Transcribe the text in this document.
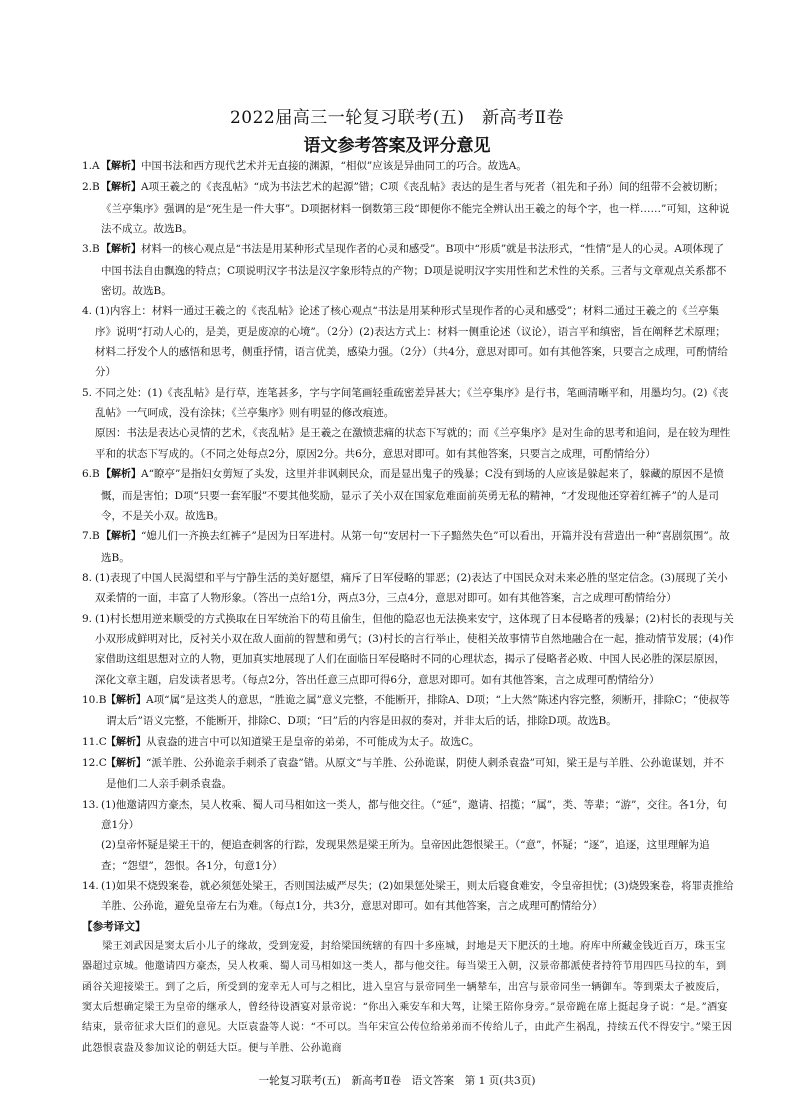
2022届高三一轮复习联考(五)　新高考Ⅱ卷
语文参考答案及评分意见
1.A 【解析】中国书法和西方现代艺术并无直接的渊源，“相似”应该是异曲同工的巧合。故选A。

2.B 【解析】A项王羲之的《丧乱帖》“成为书法艺术的起源”错；C项《丧乱帖》表达的是生者与死者（祖先和子孙）间的纽带不会被切断；《兰亭集序》强调的是“死生是一件大事”。D项据材料一倒数第三段“即便你不能完全辨认出王羲之的每个字，也一样……”可知，这种说法不成立。故选B。

3.B 【解析】材料一的核心观点是“书法是用某种形式呈现作者的心灵和感受”。B项中“形质”就是书法形式，“性情”是人的心灵。A项体现了中国书法自由飘逸的特点；C项说明汉字书法是汉字象形特点的产物；D项是说明汉字实用性和艺术性的关系。三者与文章观点关系都不密切。故选B。

4. (1)内容上：材料一通过王羲之的《丧乱帖》论述了核心观点“书法是用某种形式呈现作者的心灵和感受”；材料二通过王羲之的《兰亭集序》说明“打动人心的，是美，更是废凉的心境”。（2分）(2)表达方式上：材料一侧重论述（议论），语言平和缜密，旨在阐释艺术原理；材料二抒发个人的感悟和思考，侧重抒情，语言优美，感染力强。（2分）（共4分，意思对即可。如有其他答案，只要言之成理，可酌情给分）

5. 不同之处：(1)《丧乱帖》是行草，连笔甚多，字与字间笔画轻重疏密差异甚大；《兰亭集序》是行书，笔画清晰平和，用墨均匀。(2)《丧乱帖》一气呵成，没有涂抹；《兰亭集序》则有明显的修改痕迹。

原因：书法是表达心灵情的艺术，《丧乱帖》是王羲之在激愤悲痛的状态下写就的；而《兰亭集序》是对生命的思考和追问，是在较为理性平和的状态下写成的。（不同之处每点2分，原因2分。共6分，意思对即可。如有其他答案，只要言之成理，可酌情给分）

6.B 【解析】A“瞭亭”是指妇女剪短了头发，这里并非讽刺民众，而是显出鬼子的残暴；C没有到场的人应该是躲起来了，躲藏的原因不是愤慨，而是害怕；D项“只要一套军服”不要其他奖励，显示了关小双在国家危难面前英勇无私的精神，“才发现他还穿着红裤子”的人是司令，不是关小双。故选B。

7.B 【解析】“媳儿们一齐换去红裤子”是因为日军进村。从第一句“安居村一下子黯然失色”可以看出，开篇并没有营造出一种“喜剧氛围”。故选B。

8. (1)表现了中国人民渴望和平与宁静生活的美好愿望，痛斥了日军侵略的罪恶；(2)表达了中国民众对未来必胜的坚定信念。(3)展现了关小双柔情的一面，丰富了人物形象。（答出一点给1分，两点3分，三点4分，意思对即可。如有其他答案，言之成理可酌情给分）

9. (1)村长想用逆来顺受的方式换取在日军统治下的苟且偷生，但他的隐忍也无法换来安宁，这体现了日本侵略者的残暴；(2)村长的表现与关小双形成鲜明对比，反衬关小双在敌人面前的智慧和勇气；(3)村长的言行举止，使相关故事情节自然地融合在一起，推动情节发展；(4)作家借助这组思想对立的人物，更加真实地展现了人们在面临日军侵略时不同的心理状态，揭示了侵略者必败、中国人民必胜的深层原因，深化文章主题，启发读者思考。（每点2分，答出任意三点即可得6分，意思对即可。如有其他答案，言之成理可酌情给分）

10.B 【解析】A项“属”是这类人的意思，“胜诡之属”意义完整，不能断开，排除A、D项；“上大然”陈述内容完整，须断开，排除C；“使叔等谓太后”语义完整，不能断开，排除C、D项；“曰”后的内容是田叔的奏对，并非太后的话，排除D项。故选B。

11.C 【解析】从袁盎的进言中可以知道梁王是皇帝的弟弟，不可能成为太子。故选C。

12.C 【解析】“派羊胜、公孙诡亲手刺杀了袁盎”错。从原文“与羊胜、公孙诡谋，阴使人刺杀袁盎”可知，梁王是与羊胜、公孙诡谋划，并不是他们二人亲手刺杀袁盎。

13. (1)他邀请四方豪杰，吴人枚乘、蜀人司马相如这一类人，都与他交往。（“延”，邀请、招揽；“属”，类、等辈；“游”，交往。各1分，句意1分）

(2)皇帝怀疑是梁王干的，便追查刺客的行踪，发现果然是梁王所为。皇帝因此怨恨梁王。（“意”，怀疑；“逐”，追逐，这里理解为追查；“怨望”，怨恨。各1分，句意1分）

14. (1)如果不烧毁案卷，就必须惩处梁王，否则国法威严尽失；(2)如果惩处梁王，则太后寝食难安，令皇帝担忧；(3)烧毁案卷，将罪责推给羊胜、公孙诡，避免皇帝左右为难。（每点1分，共3分，意思对即可。如有其他答案，言之成理可酌情给分）

【参考译文】

梁王刘武因是窦太后小儿子的缘故，受到宠爱，封给梁国统辖的有四十多座城，封地是天下肥沃的土地。府库中所藏金钱近百万，珠玉宝器超过京城。他邀请四方豪杰，吴人枚乘、蜀人司马相如这一类人，都与他交往。每当梁王入朝，汉景帝都派使者持符节用四匹马拉的车，到函谷关迎接梁王。到了之后，所受到的宠幸无人可与之相比，进入皇宫与景帝同坐一辆辇车，出宫与景帝同坐一辆御车。等到栗太子被废后，窦太后想确定梁王为皇帝的继承人，曾经待设酒宴对景帝说：“你出入乘安车和大驾，让梁王陪你身旁。”景帝跪在席上挺起身子说：“是。”酒宴结束，景帝征求大臣们的意见。大臣袁盎等人说：“不可以。当年宋宣公传位给弟弟而不传给儿子，由此产生祸乱，持续五代不得安宁。”梁王因此怨恨袁盎及参加议论的朝廷大臣。便与羊胜、公孙诡商

一轮复习联考(五)　新高考Ⅱ卷　语文答案　第 1 页(共3页)
